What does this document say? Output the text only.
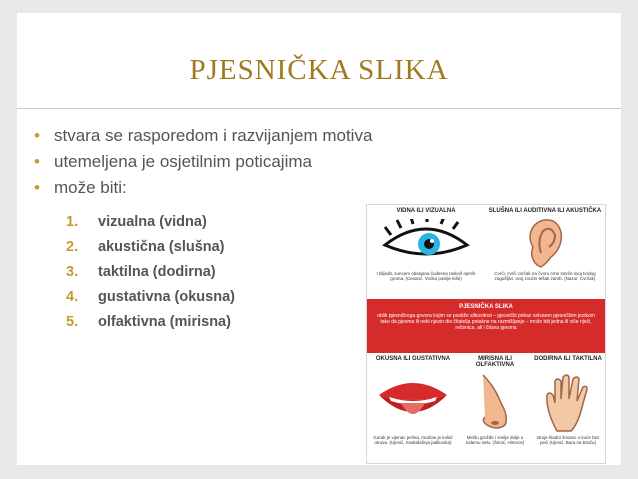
PJESNIČKA SLIKA
• stvara se rasporedom i razvijanjem motiva
• utemeljena je osjetilnim poticajima
• može biti:
1. vizualna (vidna)
2. akustična (slušna)
3. taktilna (dodirna)
4. gustativna (okusna)
5. olfaktivna (mirisna)
VIDNA ILI VIZUALNA
I blijedit, suncem obasjana čudesna raskoš njenih groma. (Cesarić, Voćka poslije kiše)
SLUŠNA ILI AUDITIVNA ILI AKUSTIČKA
Cvrči, cvrči cvrčak na čvoru crne smrče svoj tvrdog zagušljivi, svoj zvučni tešak zamb. (Nazor, Cvrčak)
PJESNIČKA SLIKA
oblik pjesničkoga govora kojim se postiže slikovitost – pjesnički prikaz ostvaren pjesničkim jezikom tako da pjesma ili neki njezin dio čitatelja potakne na razmišljanje – može biti jedna ili više riječi, rečenica, ali i čitava pjesma
OKUSNA ILI GUSTATIVNA
Gorak je vijenac pelina, mračan je kolač otrova. (Ujević, Svakidašnja jadikovka)
MIRISNA ILI OLFAKTIVNA
Mirišu grožđe i smilje dolje u nalemu selu. (Šimić, Himnos)
DODIRNA ILI TAKTILNA
strujе hladni šmanci u kuće bez peći (Ujević, Bura na Braču)
